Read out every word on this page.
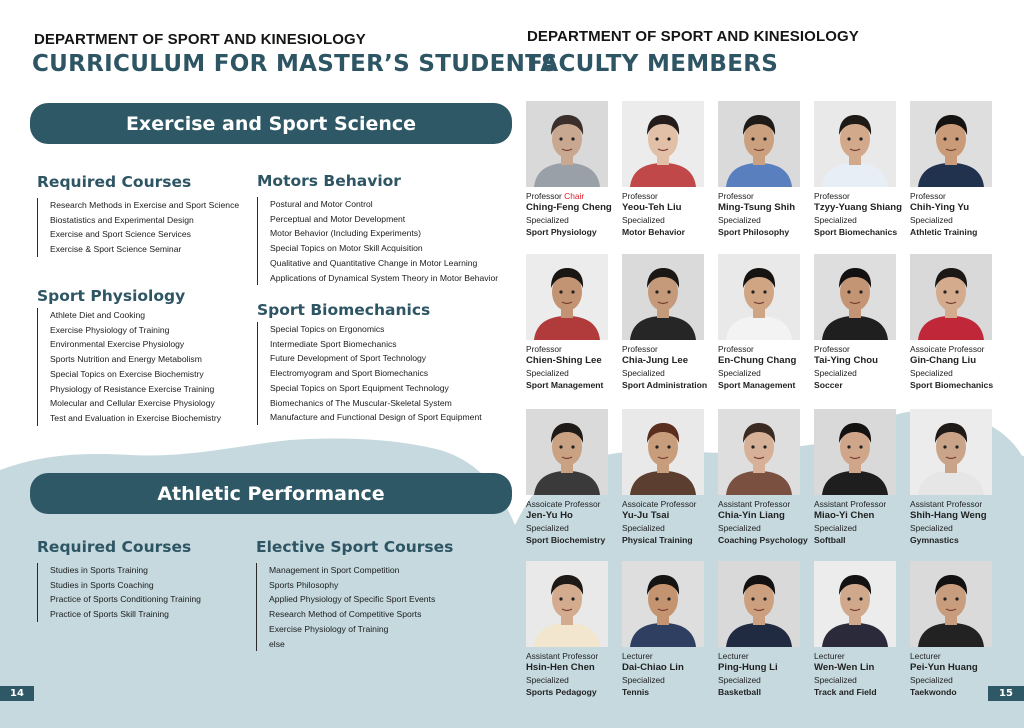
DEPARTMENT OF SPORT AND KINESIOLOGY
CURRICULUM FOR MASTER’S STUDENTS
Exercise and Sport Science
Required Courses
Research Methods in Exercise and Sport Science
Biostatistics and Experimental Design
Exercise and Sport Science Services
Exercise & Sport Science Seminar
Motors Behavior
Postural and Motor Control
Perceptual and Motor Development
Motor Behavior (Including Experiments)
Special Topics on Motor Skill Acquisition
Qualitative and Quantitative Change in Motor Learning
Applications of Dynamical System Theory in Motor Behavior
Sport Physiology
Athlete Diet and Cooking
Exercise Physiology of Training
Environmental Exercise Physiology
Sports Nutrition and Energy Metabolism
Special Topics on Exercise Biochemistry
Physiology of Resistance Exercise Training
Molecular and Cellular Exercise Physiology
Test and Evaluation in Exercise Biochemistry
Sport Biomechanics
Special Topics on Ergonomics
Intermediate Sport Biomechanics
Future Development of Sport Technology
Electromyogram and Sport Biomechanics
Special Topics on Sport Equipment Technology
Biomechanics of The Muscular-Skeletal System
Manufacture and Functional Design of Sport Equipment
Athletic Performance
Required Courses
Studies in Sports Training
Studies in Sports Coaching
Practice of Sports Conditioning Training
Practice of Sports Skill Training
Elective Sport Courses
Management in Sport Competition
Sports Philosophy
Applied Physiology of Specific Sport Events
Research Method of Competitive Sports
Exercise Physiology of Training
else
14
DEPARTMENT OF SPORT AND KINESIOLOGY
FACULTY MEMBERS
Professor Chair
Ching-Feng Cheng
Specialized
Sport Physiology
Professor
Yeou-Teh Liu
Specialized
Motor Behavior
Professor
Ming-Tsung Shih
Specialized
Sport Philosophy
Professor
Tzyy-Yuang Shiang
Specialized
Sport Biomechanics
Professor
Chih-Ying Yu
Specialized
Athletic Training
Professor
Chien-Shing Lee
Specialized
Sport Management
Professor
Chia-Jung Lee
Specialized
Sport Administration
Professor
En-Chung Chang
Specialized
Sport Management
Professor
Tai-Ying Chou
Specialized
Soccer
Assoicate Professor
Gin-Chang Liu
Specialized
Sport Biomechanics
Assoicate Professor
Jen-Yu Ho
Specialized
Sport Biochemistry
Assoicate Professor
Yu-Ju Tsai
Specialized
Physical Training
Assistant Professor
Chia-Yin Liang
Specialized
Coaching Psychology
Assistant Professor
Miao-Yi Chen
Specialized
Softball
Assistant Professor
Shih-Hang Weng
Specialized
Gymnastics
Assistant Professor
Hsin-Hen Chen
Specialized
Sports Pedagogy
Lecturer
Dai-Chiao Lin
Specialized
Tennis
Lecturer
Ping-Hung Li
Specialized
Basketball
Lecturer
Wen-Wen Lin
Specialized
Track and Field
Lecturer
Pei-Yun Huang
Specialized
Taekwondo	15
